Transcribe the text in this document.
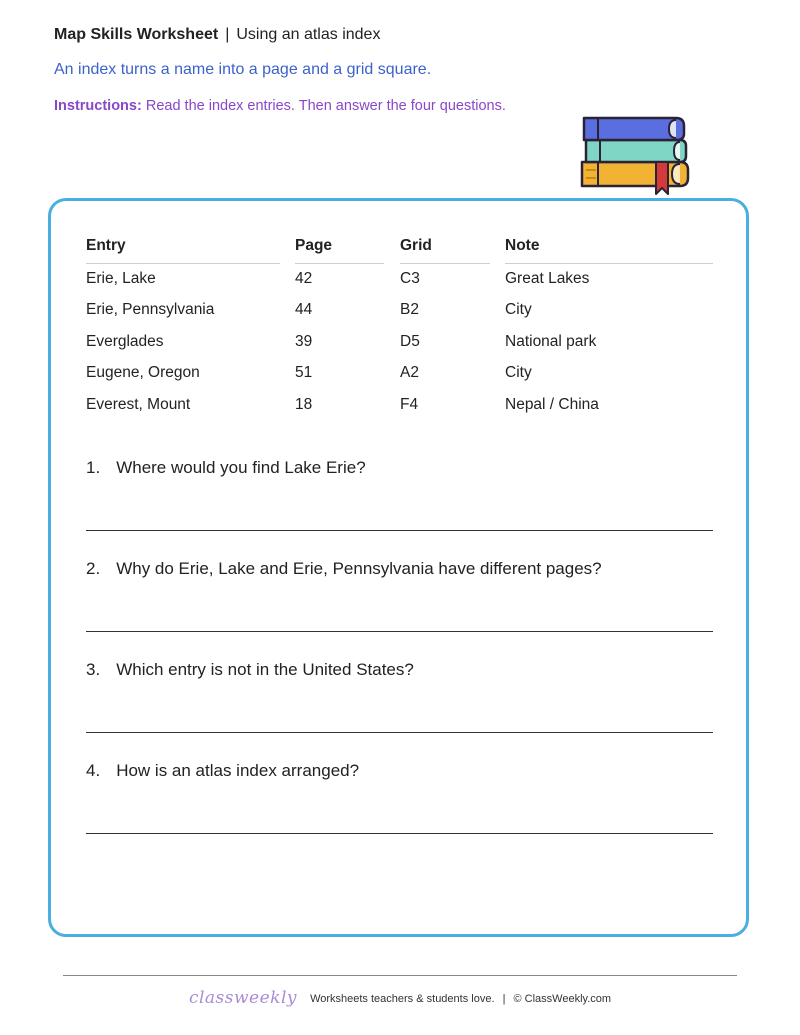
Map Skills Worksheet | Using an atlas index
An index turns a name into a page and a grid square.
Instructions: Read the index entries. Then answer the four questions.
Entry	Page	Grid	Note
Erie, Lake	42	C3	Great Lakes
Erie, Pennsylvania	44	B2	City
Everglades	39	D5	National park
Eugene, Oregon	51	A2	City
Everest, Mount	18	F4	Nepal / China
1. Where would you find Lake Erie?
2. Why do Erie, Lake and Erie, Pennsylvania have different pages?
3. Which entry is not in the United States?
4. How is an atlas index arranged?
classweekly Worksheets teachers & students love. | © ClassWeekly.com
